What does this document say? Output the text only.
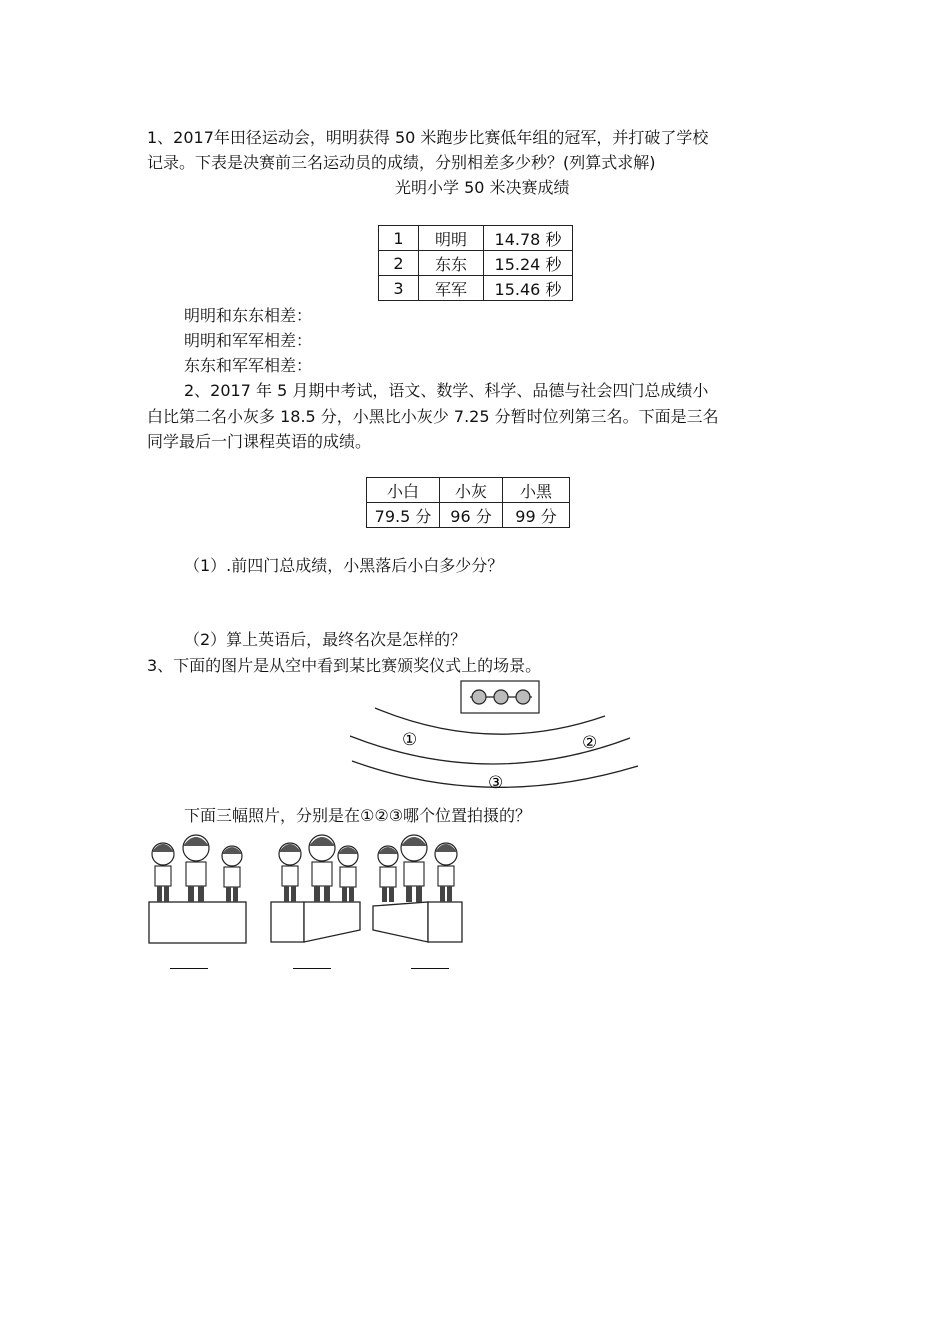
1、2017年田径运动会，明明获得 50 米跑步比赛低年组的冠军，并打破了学校
记录。下表是决赛前三名运动员的成绩，分别相差多少秒？(列算式求解)
光明小学 50 米决赛成绩
1	明明	14.78 秒
2	东东	15.24 秒
3	军军	15.46 秒
明明和东东相差：
明明和军军相差：
东东和军军相差：
2、2017 年 5 月期中考试，语文、数学、科学、品德与社会四门总成绩小
白比第二名小灰多 18.5 分，小黑比小灰少 7.25 分暂时位列第三名。下面是三名
同学最后一门课程英语的成绩。
小白	小灰	小黑
79.5 分	96 分	99 分
（1）.前四门总成绩，小黑落后小白多少分？
（2）算上英语后，最终名次是怎样的？
3、下面的图片是从空中看到某比赛颁奖仪式上的场景。
①	②
③
下面三幅照片，分别是在①②③哪个位置拍摄的？
